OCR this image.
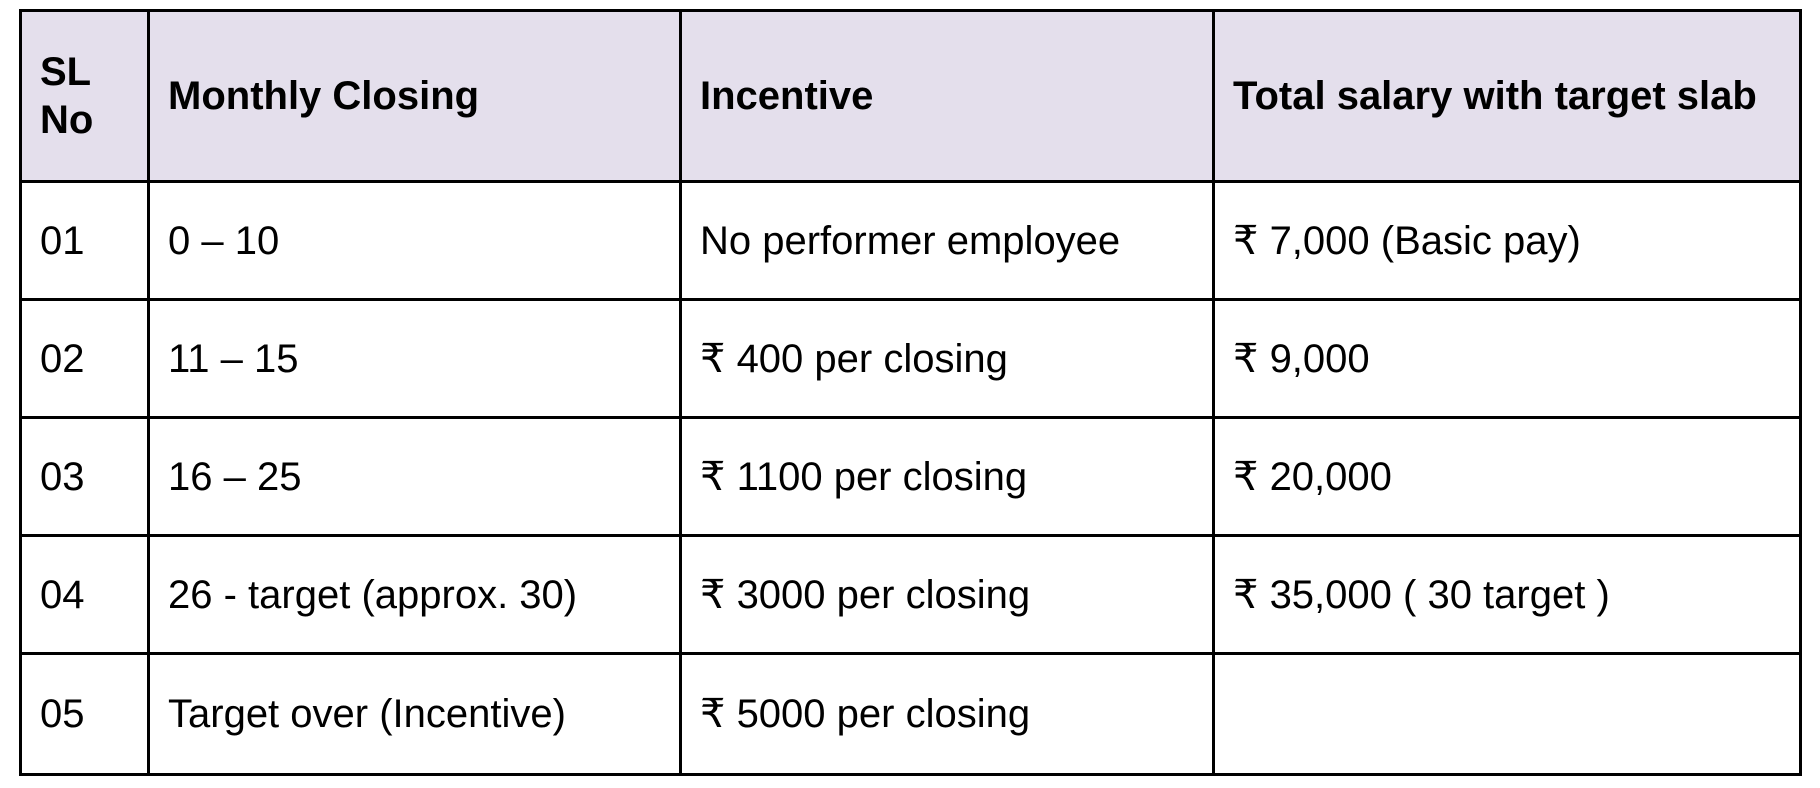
SL No	Monthly Closing	Incentive	Total salary with target slab
01	0 – 10	No performer employee	₹ 7,000 (Basic pay)
02	11 – 15	₹ 400 per closing	₹ 9,000
03	16 – 25	₹ 1100 per closing	₹ 20,000
04	26 - target (approx. 30)	₹ 3000 per closing	₹ 35,000 ( 30 target )
05	Target over (Incentive)	₹ 5000 per closing	
